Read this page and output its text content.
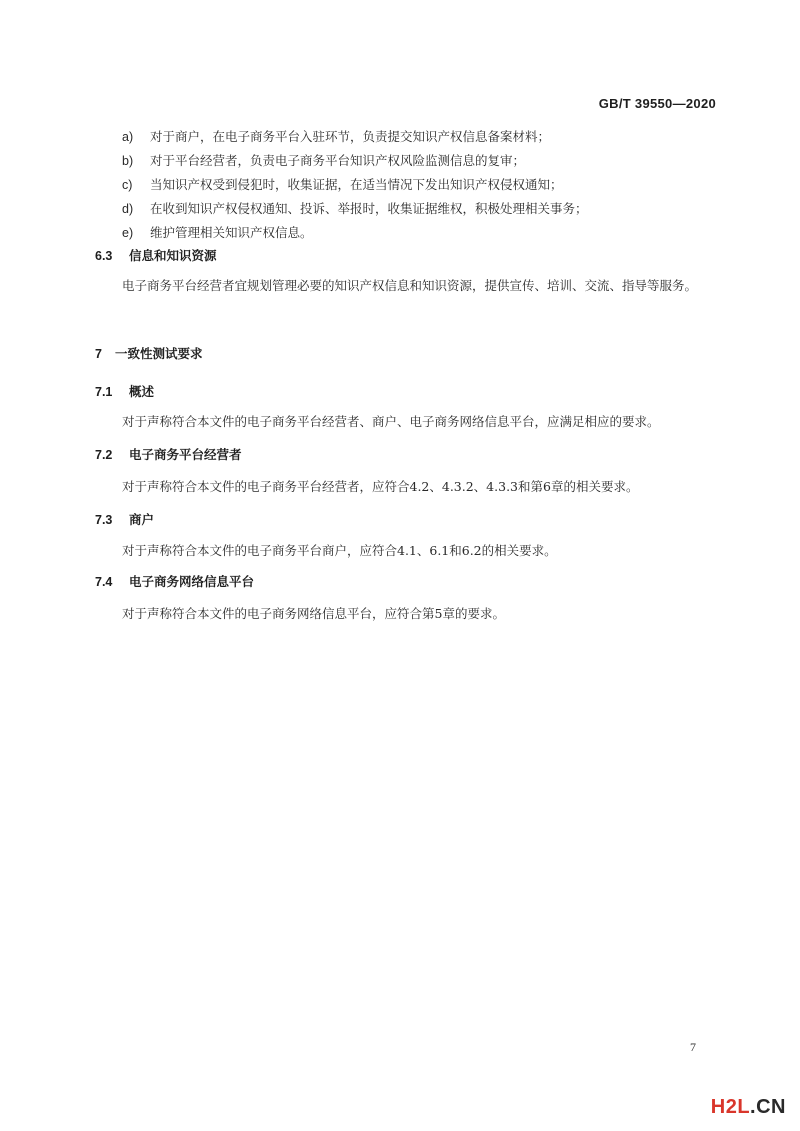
GB/T 39550—2020
a) 对于商户，在电子商务平台入驻环节，负责提交知识产权信息备案材料；
b) 对于平台经营者，负责电子商务平台知识产权风险监测信息的复审；
c) 当知识产权受到侵犯时，收集证据，在适当情况下发出知识产权侵权通知；
d) 在收到知识产权侵权通知、投诉、举报时，收集证据维权，积极处理相关事务；
e) 维护管理相关知识产权信息。
6.3 信息和知识资源
电子商务平台经营者宜规划管理必要的知识产权信息和知识资源，提供宣传、培训、交流、指导等服务。
7 一致性测试要求
7.1 概述
对于声称符合本文件的电子商务平台经营者、商户、电子商务网络信息平台，应满足相应的要求。
7.2 电子商务平台经营者
对于声称符合本文件的电子商务平台经营者，应符合4.2、4.3.2、4.3.3和第6章的相关要求。
7.3 商户
对于声称符合本文件的电子商务平台商户，应符合4.1、6.1和6.2的相关要求。
7.4 电子商务网络信息平台
对于声称符合本文件的电子商务网络信息平台，应符合第5章的要求。
7
H2L.CN
